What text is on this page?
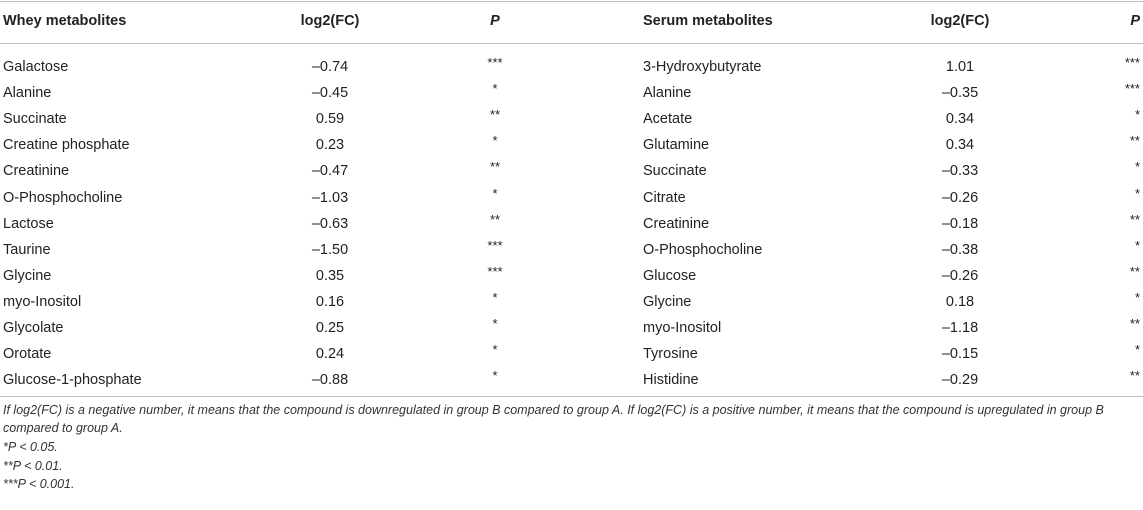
Whey metabolites	log2(FC)	P	Serum metabolites	log2(FC)	P
Galactose	–0.74	***	3-Hydroxybutyrate	1.01	***
Alanine	–0.45	*	Alanine	–0.35	***
Succinate	0.59	**	Acetate	0.34	*
Creatine phosphate	0.23	*	Glutamine	0.34	**
Creatinine	–0.47	**	Succinate	–0.33	*
O-Phosphocholine	–1.03	*	Citrate	–0.26	*
Lactose	–0.63	**	Creatinine	–0.18	**
Taurine	–1.50	***	O-Phosphocholine	–0.38	*
Glycine	0.35	***	Glucose	–0.26	**
myo-Inositol	0.16	*	Glycine	0.18	*
Glycolate	0.25	*	myo-Inositol	–1.18	**
Orotate	0.24	*	Tyrosine	–0.15	*
Glucose-1-phosphate	–0.88	*	Histidine	–0.29	**
If log2(FC) is a negative number, it means that the compound is downregulated in group B compared to group A. If log2(FC) is a positive number, it means that the compound is upregulated in group B compared to group A.
*P < 0.05.
**P < 0.01.
***P < 0.001.
